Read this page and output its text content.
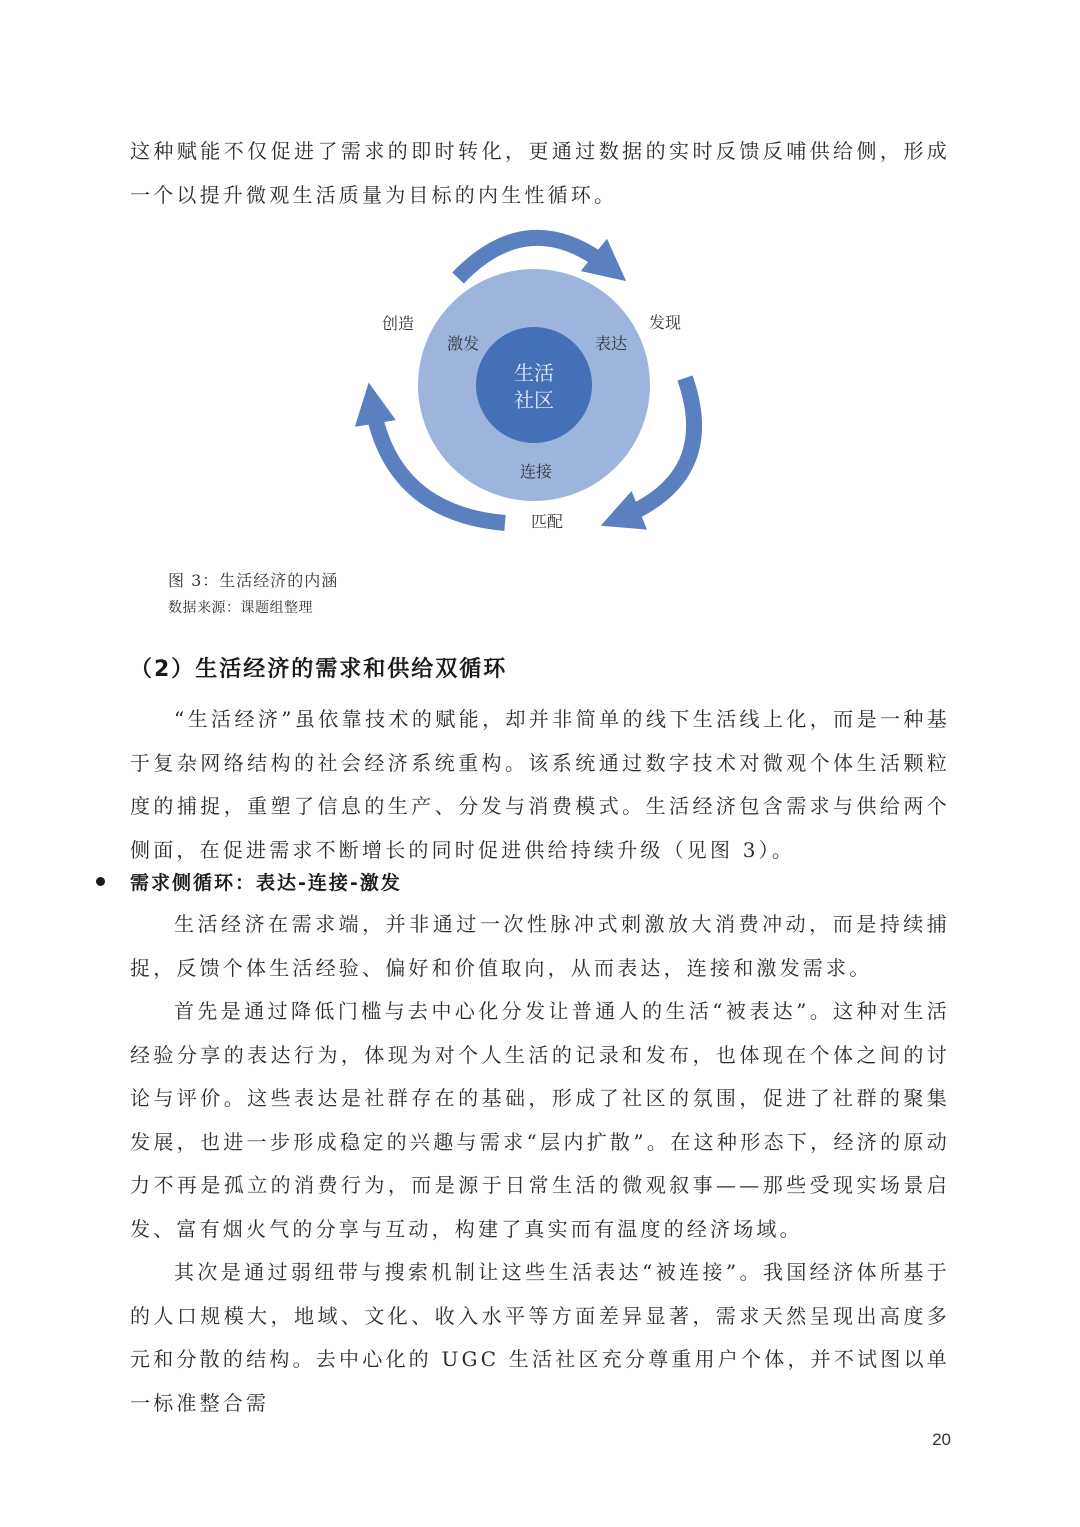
这种赋能不仅促进了需求的即时转化，更通过数据的实时反馈反哺供给侧，形成一个以提升微观生活质量为目标的内生性循环。

生活
社区
激发	表达
连接
创造	发现
匹配
图 3：生活经济的内涵
数据来源：课题组整理
（2）生活经济的需求和供给双循环

“生活经济”虽依靠技术的赋能，却并非简单的线下生活线上化，而是一种基于复杂网络结构的社会经济系统重构。该系统通过数字技术对微观个体生活颗粒度的捕捉，重塑了信息的生产、分发与消费模式。生活经济包含需求与供给两个侧面，在促进需求不断增长的同时促进供给持续升级（见图 3）。

需求侧循环：表达-连接-激发

生活经济在需求端，并非通过一次性脉冲式刺激放大消费冲动，而是持续捕捉，反馈个体生活经验、偏好和价值取向，从而表达，连接和激发需求。

首先是通过降低门槛与去中心化分发让普通人的生活“被表达”。这种对生活经验分享的表达行为，体现为对个人生活的记录和发布，也体现在个体之间的讨论与评价。这些表达是社群存在的基础，形成了社区的氛围，促进了社群的聚集发展，也进一步形成稳定的兴趣与需求“层内扩散”。在这种形态下，经济的原动力不再是孤立的消费行为，而是源于日常生活的微观叙事——那些受现实场景启发、富有烟火气的分享与互动，构建了真实而有温度的经济场域。

其次是通过弱纽带与搜索机制让这些生活表达“被连接”。我国经济体所基于的人口规模大，地域、文化、收入水平等方面差异显著，需求天然呈现出高度多元和分散的结构。去中心化的 UGC 生活社区充分尊重用户个体，并不试图以单一标准整合需

20
